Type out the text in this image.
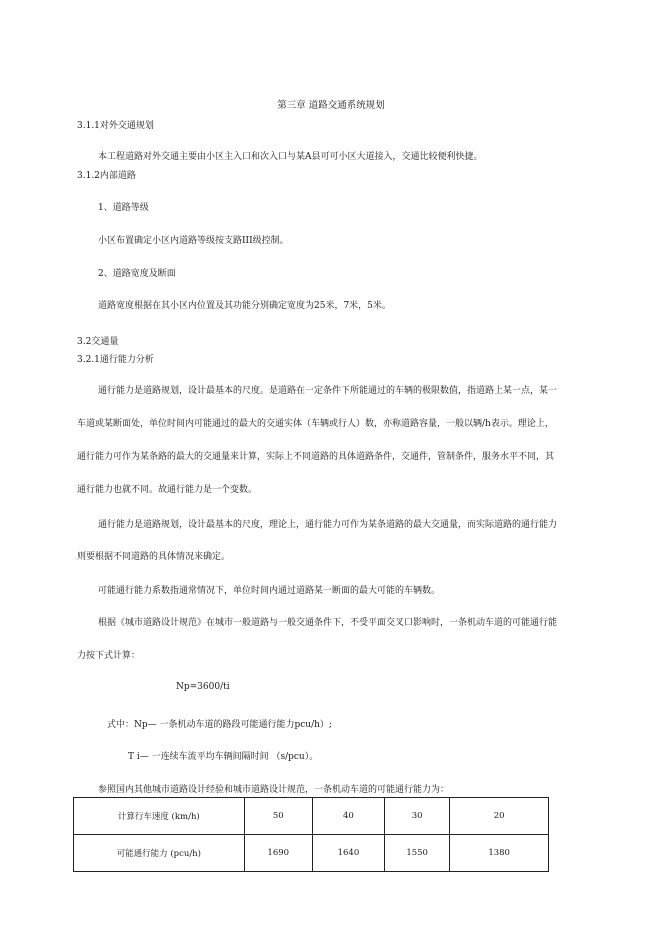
第三章 道路交通系统规划
3.1.1对外交通规划
本工程道路对外交通主要由小区主入口和次入口与某A县可可小区大道接入，交通比较便利快捷。
3.1.2内部道路
1、道路等级
小区布置确定小区内道路等级按支路III级控制。
2、道路宽度及断面
道路宽度根据在其小区内位置及其功能分别确定宽度为25米，7米，5米。
3.2交通量
3.2.1通行能力分析
通行能力是道路规划，设计最基本的尺度。是道路在一定条件下所能通过的车辆的极限数值，指道路上某一点，某一
车道或某断面处，单位时间内可能通过的最大的交通实体（车辆或行人）数，亦称道路容量，一般以辆/h表示。理论上，
通行能力可作为某条路的最大的交通量来计算，实际上不同道路的具体道路条件，交通件，管制条件，服务水平不同，其
通行能力也就不同。故通行能力是一个变数。
通行能力是道路规划，设计最基本的尺度，理论上，通行能力可作为某条道路的最大交通量，而实际道路的通行能力
则要根据不同道路的具体情况来确定。
可能通行能力系数指通常情况下，单位时间内通过道路某一断面的最大可能的车辆数。
根据《城市道路设计规范》在城市一般道路与一般交通条件下，不受平面交叉口影响时，一条机动车道的可能通行能
力按下式计算：
Np=3600/ti
式中：Np— 一条机动车道的路段可能通行能力pcu/h）;
T i— 一连续车流平均车辆间隔时间 （s/pcu）。
参照国内其他城市道路设计经验和城市道路设计规范，一条机动车道的可能通行能力为：
计算行车速度 (km/h)	50	40	30	20
可能通行能力 (pcu/h)	1690	1640	1550	1380
